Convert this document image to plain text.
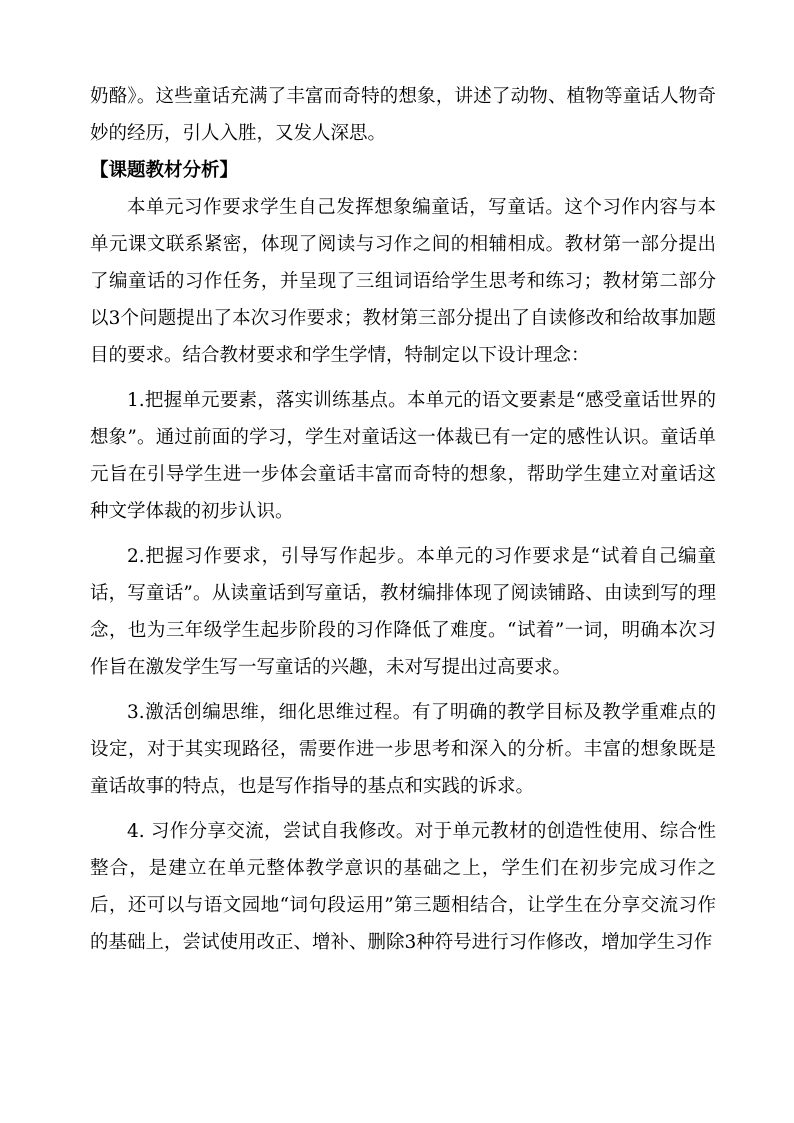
奶酪》。这些童话充满了丰富而奇特的想象，讲述了动物、植物等童话人物奇妙的经历，引人入胜，又发人深思。

【课题教材分析】

本单元习作要求学生自己发挥想象编童话，写童话。这个习作内容与本单元课文联系紧密，体现了阅读与习作之间的相辅相成。教材第一部分提出了编童话的习作任务，并呈现了三组词语给学生思考和练习；教材第二部分以3个问题提出了本次习作要求；教材第三部分提出了自读修改和给故事加题目的要求。结合教材要求和学生学情，特制定以下设计理念：

1.把握单元要素，落实训练基点。本单元的语文要素是“感受童话世界的想象”。通过前面的学习，学生对童话这一体裁已有一定的感性认识。童话单元旨在引导学生进一步体会童话丰富而奇特的想象，帮助学生建立对童话这种文学体裁的初步认识。

2.把握习作要求，引导写作起步。本单元的习作要求是“试着自己编童话，写童话”。从读童话到写童话，教材编排体现了阅读铺路、由读到写的理念，也为三年级学生起步阶段的习作降低了难度。“试着”一词，明确本次习作旨在激发学生写一写童话的兴趣，未对写提出过高要求。

3.激活创编思维，细化思维过程。有了明确的教学目标及教学重难点的设定，对于其实现路径，需要作进一步思考和深入的分析。丰富的想象既是童话故事的特点，也是写作指导的基点和实践的诉求。

4. 习作分享交流，尝试自我修改。对于单元教材的创造性使用、综合性整合，是建立在单元整体教学意识的基础之上，学生们在初步完成习作之后，还可以与语文园地“词句段运用”第三题相结合，让学生在分享交流习作的基础上，尝试使用改正、增补、删除3种符号进行习作修改，增加学生习作
